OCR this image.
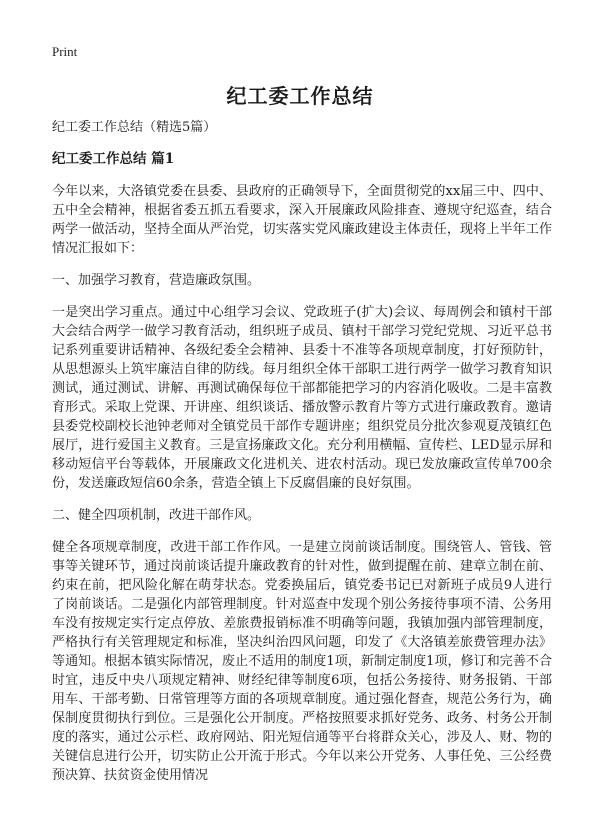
Print
纪工委工作总结

纪工委工作总结（精选5篇）

纪工委工作总结 篇1

今年以来，大洛镇党委在县委、县政府的正确领导下，全面贯彻党的xx届三中、四中、五中全会精神，根据省委五抓五看要求，深入开展廉政风险排查、遵规守纪巡查，结合两学一做活动，坚持全面从严治党，切实落实党风廉政建设主体责任，现将上半年工作情况汇报如下：

一、加强学习教育，营造廉政氛围。

一是突出学习重点。通过中心组学习会议、党政班子(扩大)会议、每周例会和镇村干部大会结合两学一做学习教育活动，组织班子成员、镇村干部学习党纪党规、习近平总书记系列重要讲话精神、各级纪委全会精神、县委十不准等各项规章制度，打好预防针，从思想源头上筑牢廉洁自律的防线。每月组织全体干部职工进行两学一做学习教育知识测试，通过测试、讲解、再测试确保每位干部都能把学习的内容消化吸收。二是丰富教育形式。采取上党课、开讲座、组织谈话、播放警示教育片等方式进行廉政教育。邀请县委党校副校长池钟老师对全镇党员干部作专题讲座；组织党员分批次参观夏茂镇红色展厅，进行爱国主义教育。三是宣扬廉政文化。充分利用横幅、宣传栏、LED显示屏和移动短信平台等载体，开展廉政文化进机关、进农村活动。现已发放廉政宣传单700余份，发送廉政短信60余条，营造全镇上下反腐倡廉的良好氛围。

二、健全四项机制，改进干部作风。

健全各项规章制度，改进干部工作作风。一是建立岗前谈话制度。围绕管人、管钱、管事等关键环节，通过岗前谈话提升廉政教育的针对性，做到提醒在前、建章立制在前、约束在前，把风险化解在萌芽状态。党委换届后，镇党委书记已对新班子成员9人进行了岗前谈话。二是强化内部管理制度。针对巡查中发现个别公务接待事项不清、公务用车没有按规定实行定点停放、差旅费报销标准不明确等问题，我镇加强内部管理制度，严格执行有关管理规定和标准，坚决纠治四风问题，印发了《大洛镇差旅费管理办法》等通知。根据本镇实际情况，废止不适用的制度1项，新制定制度1项，修订和完善不合时宜，违反中央八项规定精神、财经纪律等制度6项，包括公务接待、财务报销、干部用车、干部考勤、日常管理等方面的各项规章制度。通过强化督查，规范公务行为，确保制度贯彻执行到位。三是强化公开制度。严格按照要求抓好党务、政务、村务公开制度的落实，通过公示栏、政府网站、阳光短信通等平台将群众关心，涉及人、财、物的关键信息进行公开，切实防止公开流于形式。今年以来公开党务、人事任免、三公经费预决算、扶贫资金使用情况
